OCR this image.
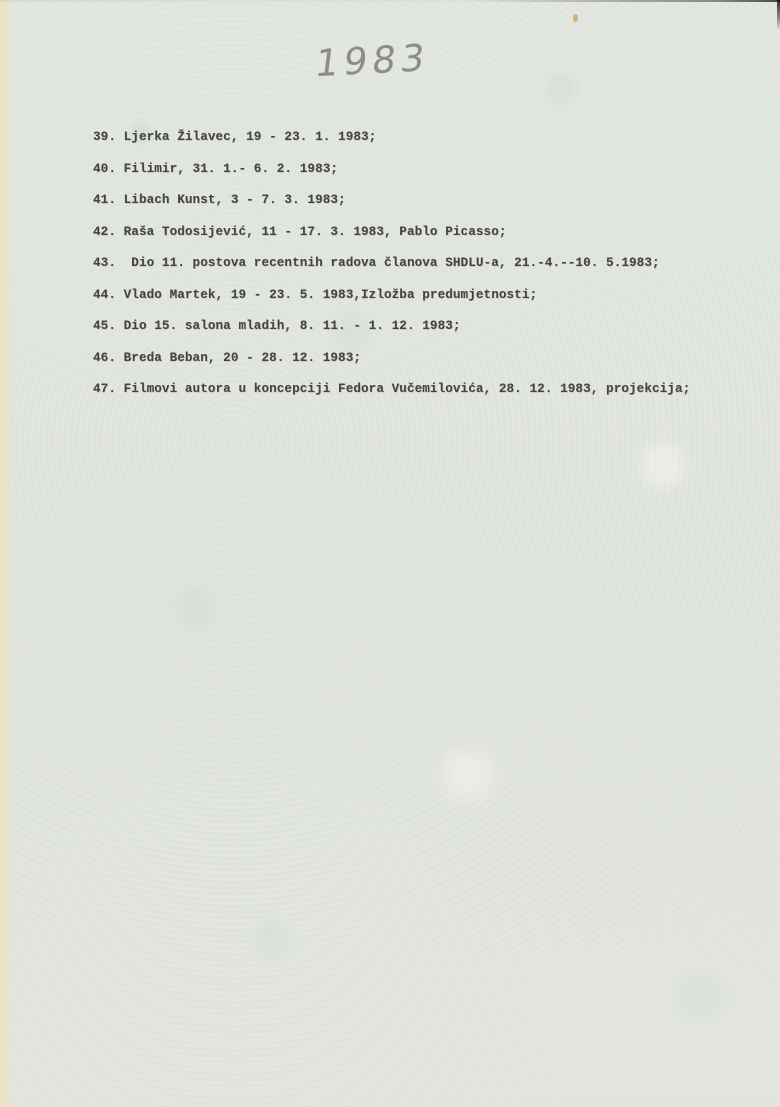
1983
39. Ljerka Žilavec, 19 - 23. 1. 1983;
40. Filimir, 31. 1.- 6. 2. 1983;
41. Libach Kunst, 3 - 7. 3. 1983;
42. Raša Todosijević, 11 - 17. 3. 1983, Pablo Picasso;
43.  Dio 11. postova recentnih radova članova SHDLU-a, 21.-4.--10. 5.1983;
44. Vlado Martek, 19 - 23. 5. 1983,Izložba predumjetnosti;
45. Dio 15. salona mladih, 8. 11. - 1. 12. 1983;
46. Breda Beban, 20 - 28. 12. 1983;
47. Filmovi autora u koncepciji Fedora Vučemilovića, 28. 12. 1983, projekcija;
